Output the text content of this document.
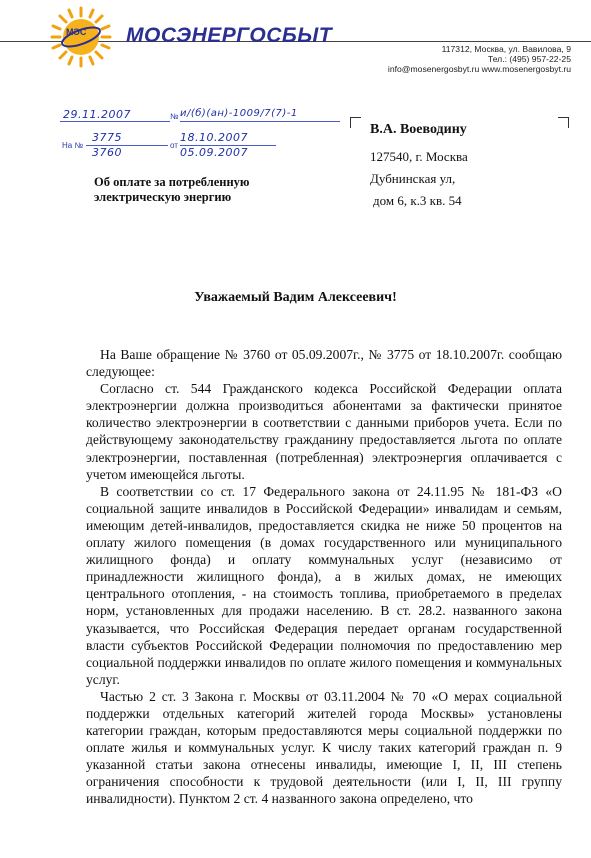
МЭС МОСЭНЕРГОСБЫТ
117312, Москва, ул. Вавилова, 9
Тел.: (495) 957-22-25
info@mosenergosbyt.ru www.mosenergosbyt.ru
29.11.2007	№ и/(б)(ан)-1009/7(7)-1
На №
3775
от
18.10.2007
3760	05.09.2007
В.А. Воеводину
127540, г. Москва
Дубнинская ул,
дом 6, к.3 кв. 54
Об оплате за потребленную
электрическую энергию
Уважаемый Вадим Алексеевич!

На Ваше обращение № 3760 от 05.09.2007г., № 3775 от 18.10.2007г. сообщаю следующее:

Согласно ст. 544 Гражданского кодекса Российской Федерации оплата электроэнергии должна производиться абонентами за фактически принятое количество электроэнергии в соответствии с данными приборов учета. Если по действующему законодательству гражданину предоставляется льгота по оплате электроэнергии, поставленная (потребленная) электроэнергия оплачивается с учетом имеющейся льготы.

В соответствии со ст. 17 Федерального закона от 24.11.95 № 181-ФЗ «О социальной защите инвалидов в Российской Федерации» инвалидам и семьям, имеющим детей-инвалидов, предоставляется скидка не ниже 50 процентов на оплату жилого помещения (в домах государственного или муниципального жилищного фонда) и оплату коммунальных услуг (независимо от принадлежности жилищного фонда), а в жилых домах, не имеющих центрального отопления, - на стоимость топлива, приобретаемого в пределах норм, установленных для продажи населению. В ст. 28.2. названного закона указывается, что Российская Федерация передает органам государственной власти субъектов Российской Федерации полномочия по предоставлению мер социальной поддержки инвалидов по оплате жилого помещения и коммунальных услуг.

Частью 2 ст. 3 Закона г. Москвы от 03.11.2004 № 70 «О мерах социальной поддержки отдельных категорий жителей города Москвы» установлены категории граждан, которым предоставляются меры социальной поддержки по оплате жилья и коммунальных услуг. К числу таких категорий граждан п. 9 указанной статьи закона отнесены инвалиды, имеющие I, II, III степень ограничения способности к трудовой деятельности (или I, II, III группу инвалидности). Пунктом 2 ст. 4 названного закона определено, что
